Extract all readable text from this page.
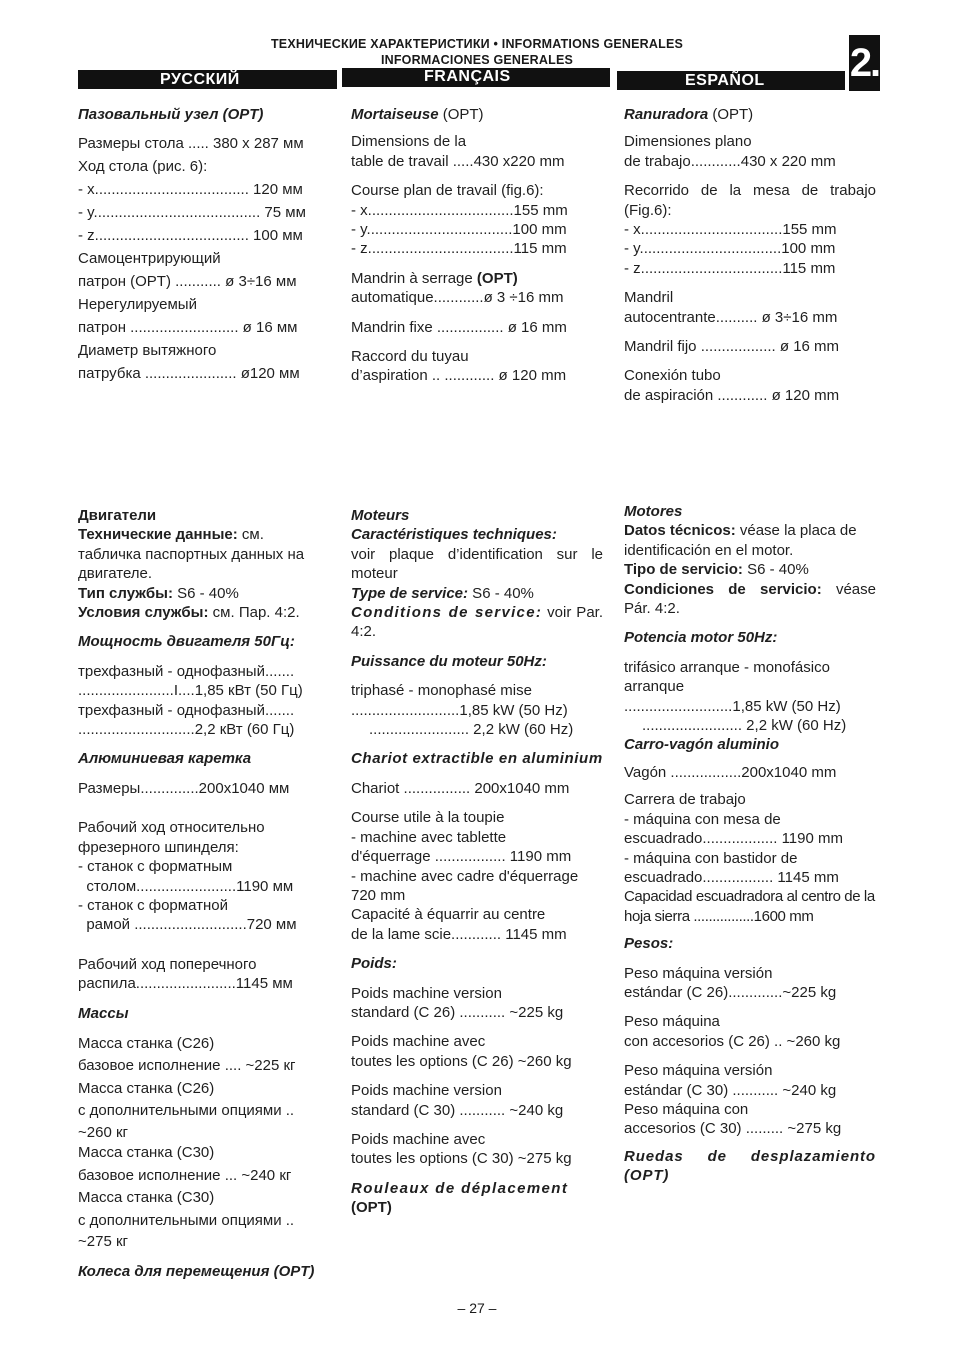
ТЕХНИЧЕСКИЕ ХАРАКТЕРИСТИКИ • INFORMATIONS GENERALES
INFORMACIONES GENERALES	2.
РУССКИЙ	FRANÇAIS	ESPAÑOL

Пазовальный узел (OPT)

Размеры стола ..... 380 x 287 мм

Ход стола (рис. 6):

- x..................................... 120 мм

- y........................................ 75 мм

- z..................................... 100 мм

Самоцентрирующий

патрон (OPT) ........... ø 3÷16 мм

Нерегулируемый

патрон .......................... ø 16 мм

Диаметр вытяжного

патрубка ...................... ø120 мм

Mortaiseuse (OPT)

Dimensions de la

table de travail .....430 x220 mm

Course plan de travail (fig.6):

- x...................................155 mm

- y...................................100 mm

- z...................................115 mm

Mandrin à serrage (OPT)

automatique............ø 3 ÷16 mm

Mandrin fixe ................ ø 16 mm

Raccord du tuyau

d’aspiration .. ............ ø 120 mm

Ranuradora (OPT)

Dimensiones plano

de trabajo............430 x 220 mm

Recorrido de la mesa de trabajo (Fig.6):

- x..................................155 mm

- y..................................100 mm

- z..................................115 mm

Mandril

autocentrante.......... ø 3÷16 mm

Mandril fijo .................. ø 16 mm

Conexión tubo

de aspiración ............ ø 120 mm

Двигатели

Технические данные: см. табличка паспортных данных на двигателе.

Тип службы: S6 - 40%

Условия службы: см. Пар. 4:2.

Мощность двигателя 50Гц:

трехфазный - однофазный.......

.......................I....1,85 кВт (50 Гц)

трехфазный - однофазный.......

............................2,2 кВт (60 Гц)

Алюминиевая каретка

Размеры..............200x1040 мм

Рабочий ход относительно

фрезерного шпинделя:

- станок с форматным

столом........................1190 мм

- станок с форматной

рамой ...........................720 мм

Рабочий ход поперечного

распила........................1145 мм

Массы

Масса станка (C26)

базовое исполнение .... ~225 кг

Масса станка (C26)

с дополнительными опциями ..

~260 кг

Масса станка (C30)

базовое исполнение ... ~240 кг

Масса станка (C30)

с дополнительными опциями ..

~275 кг

Колеса для перемещения (OPT)

Moteurs

Caractéristiques techniques:

voir plaque d’identification sur le moteur

Type de service: S6 - 40%

Conditions de service: voir Par. 4:2.

Puissance du moteur 50Hz:

triphasé - monophasé mise

..........................1,85 kW (50 Hz)

........................ 2,2 kW (60 Hz)

Chariot extractible en aluminium

Chariot ................ 200x1040 mm

Course utile à la toupie

- machine avec tablette

d'équerrage ................. 1190 mm

- machine avec cadre d'équerrage

720 mm

Capacité à équarrir au centre

de la lame scie............ 1145 mm

Poids:

Poids machine version

standard (C 26) ........... ~225 kg

Poids machine avec

toutes les options (C 26) ~260 kg

Poids machine version

standard (C 30) ........... ~240 kg

Poids machine avec

toutes les options (C 30) ~275 kg

Rouleaux de déplacement

(OPT)

Motores

Datos técnicos: véase la placa de identificación en el motor.

Tipo de servicio: S6 - 40%

Condiciones de servicio: véase Pár. 4:2.

Potencia motor 50Hz:

trifásico arranque - monofásico arranque

..........................1,85 kW (50 Hz)

........................ 2,2 kW (60 Hz)

Carro-vagón aluminio

Vagón .................200x1040 mm

Carrera de trabajo

- máquina con mesa de

escuadrado.................. 1190 mm

- máquina con bastidor de

escuadrado................. 1145 mm

Capacidad escuadradora al centro de la hoja sierra ................1600 mm

Pesos:

Peso máquina versión

estándar (C 26).............~225 kg

Peso máquina

con accesorios (C 26) .. ~260 kg

Peso máquina versión

estándar (C 30) ........... ~240 kg

Peso máquina con

accesorios (C 30) ......... ~275 kg

Ruedas de desplazamiento (OPT)

– 27 –
